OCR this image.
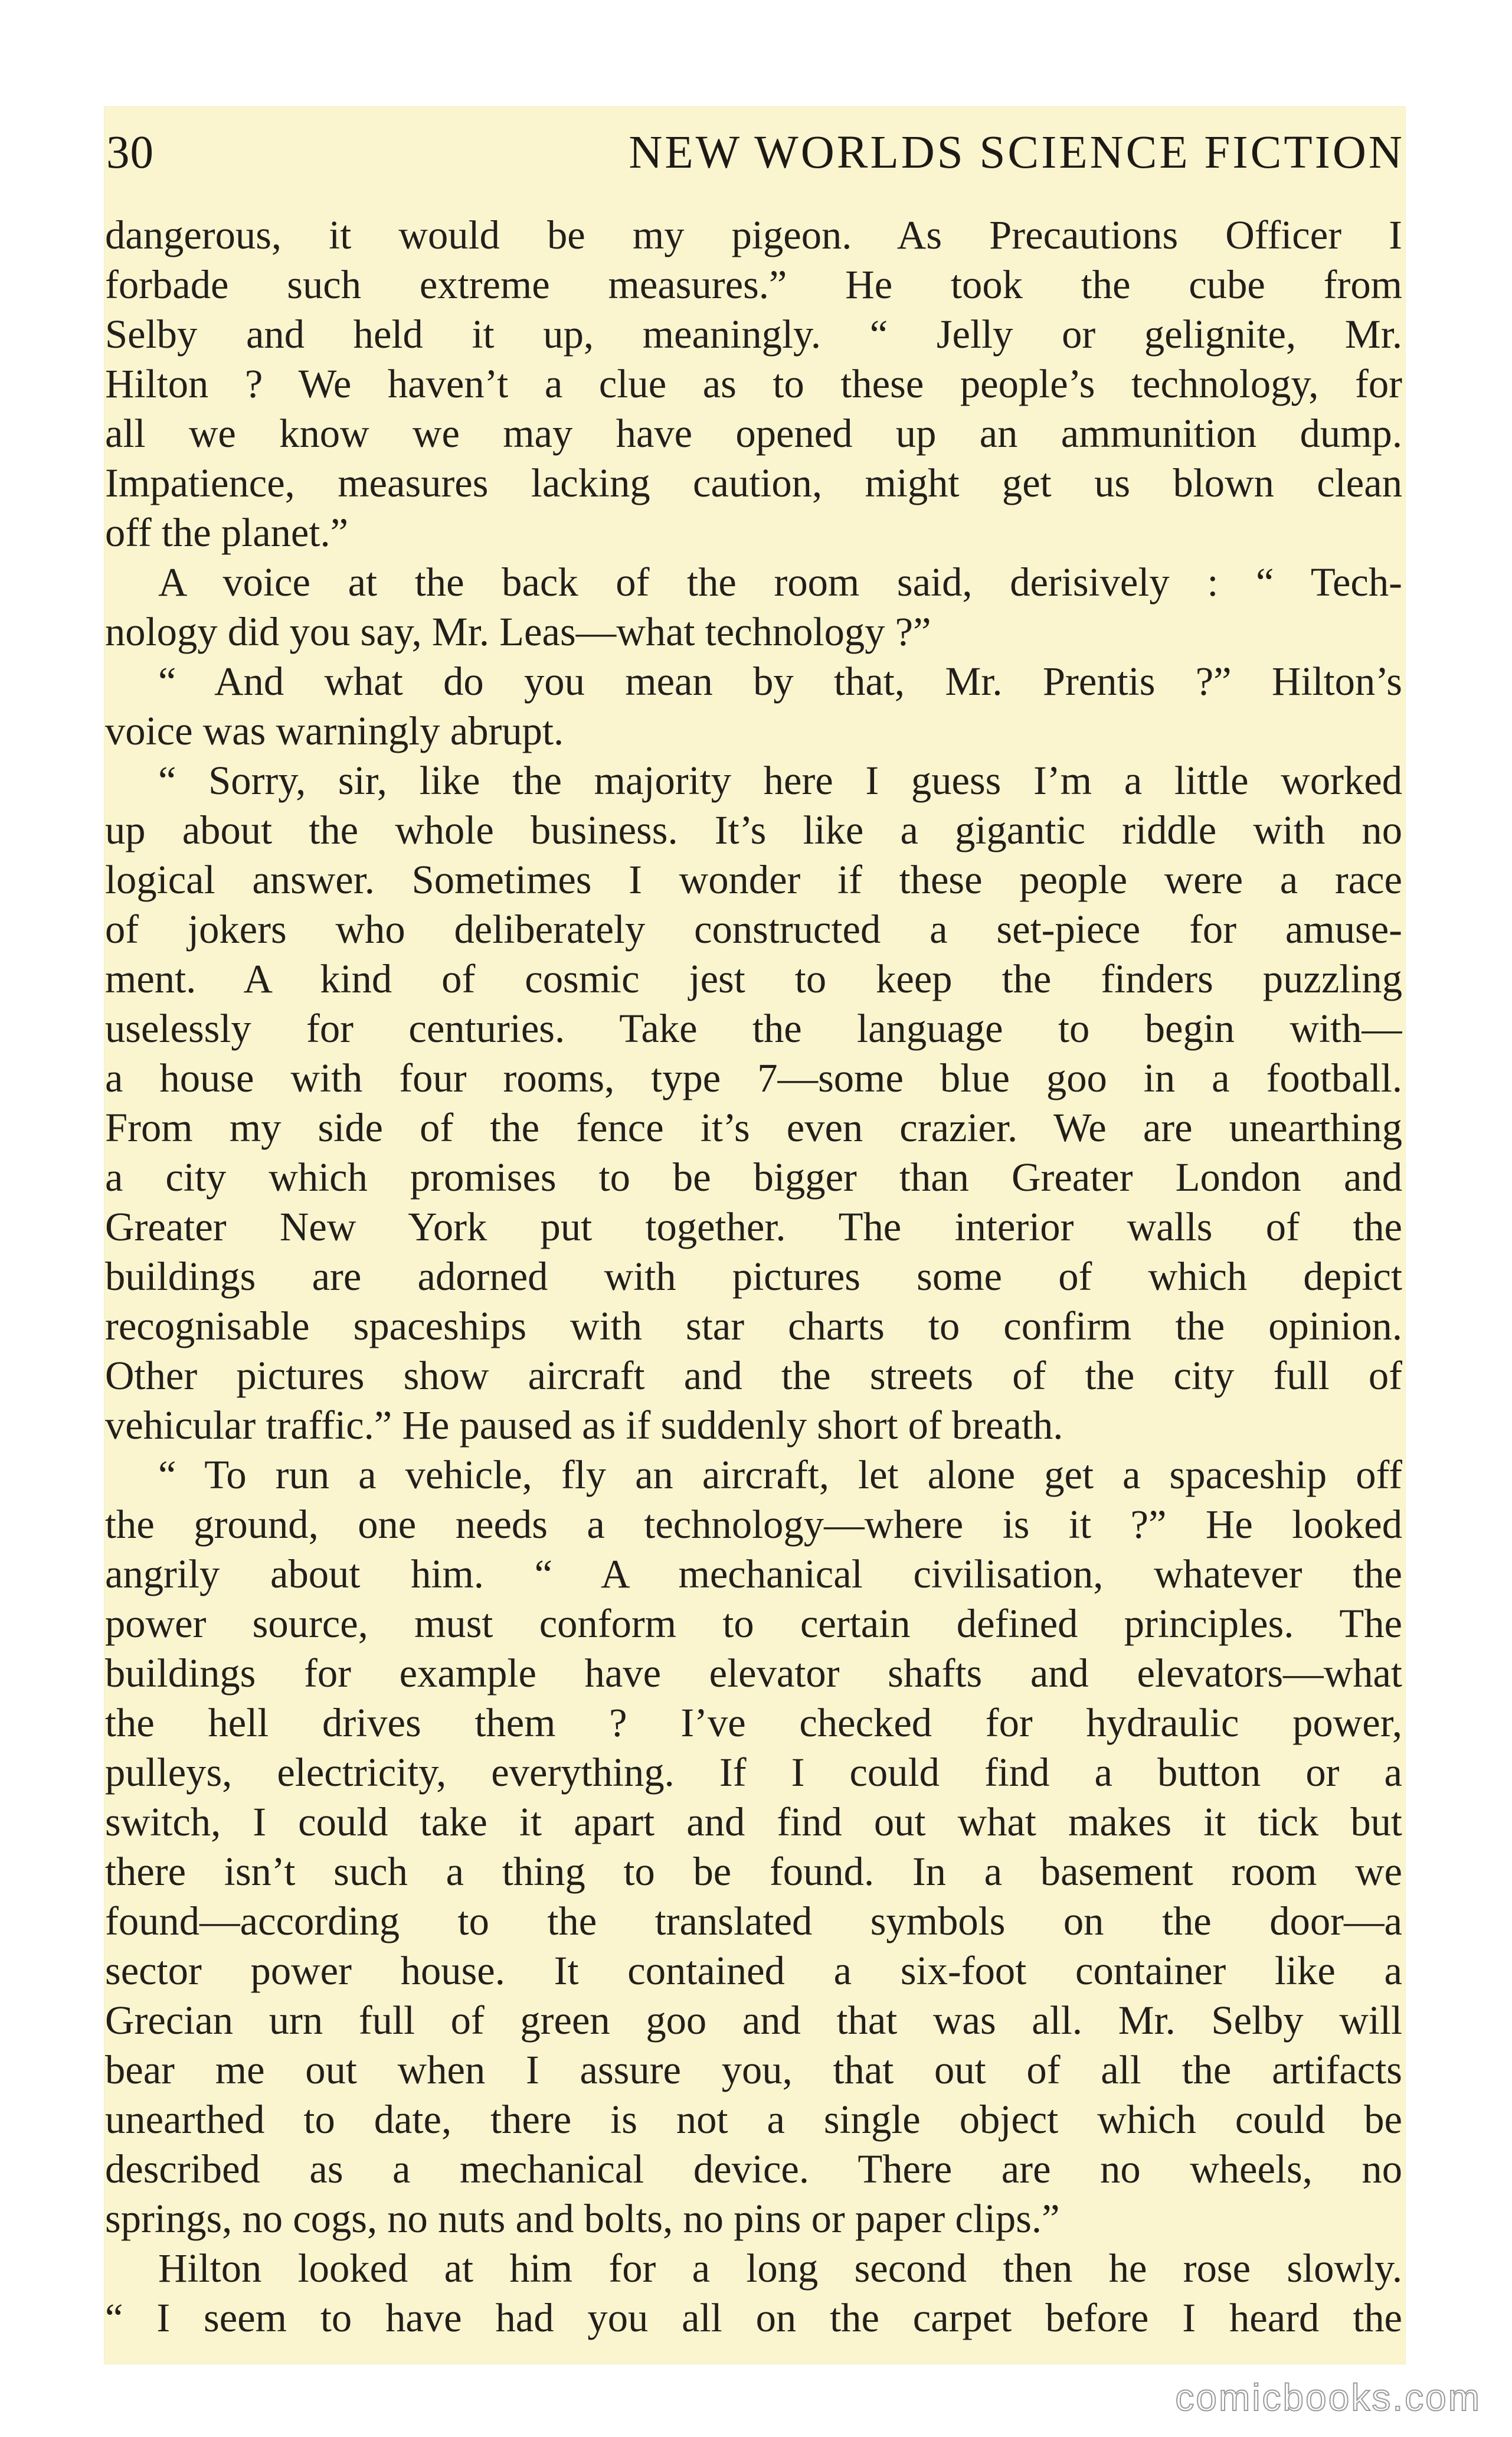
30	NEW WORLDS SCIENCE FICTION
dangerous, it would be my pigeon. As Precautions Officer I
forbade such extreme measures.” He took the cube from
Selby and held it up, meaningly. “ Jelly or gelignite, Mr.
Hilton ? We haven’t a clue as to these people’s technology, for
all we know we may have opened up an ammunition dump.
Impatience, measures lacking caution, might get us blown clean
off the planet.”
A voice at the back of the room said, derisively : “ Tech-
nology did you say, Mr. Leas—what technology ?”
“ And what do you mean by that, Mr. Prentis ?” Hilton’s
voice was warningly abrupt.
“ Sorry, sir, like the majority here I guess I’m a little worked
up about the whole business. It’s like a gigantic riddle with no
logical answer. Sometimes I wonder if these people were a race
of jokers who deliberately constructed a set-piece for amuse-
ment. A kind of cosmic jest to keep the finders puzzling
uselessly for centuries. Take the language to begin with—
a house with four rooms, type 7—some blue goo in a football.
From my side of the fence it’s even crazier. We are unearthing
a city which promises to be bigger than Greater London and
Greater New York put together. The interior walls of the
buildings are adorned with pictures some of which depict
recognisable spaceships with star charts to confirm the opinion.
Other pictures show aircraft and the streets of the city full of
vehicular traffic.” He paused as if suddenly short of breath.
“ To run a vehicle, fly an aircraft, let alone get a spaceship off
the ground, one needs a technology—where is it ?” He looked
angrily about him. “ A mechanical civilisation, whatever the
power source, must conform to certain defined principles. The
buildings for example have elevator shafts and elevators—what
the hell drives them ? I’ve checked for hydraulic power,
pulleys, electricity, everything. If I could find a button or a
switch, I could take it apart and find out what makes it tick but
there isn’t such a thing to be found. In a basement room we
found—according to the translated symbols on the door—a
sector power house. It contained a six-foot container like a
Grecian urn full of green goo and that was all. Mr. Selby will
bear me out when I assure you, that out of all the artifacts
unearthed to date, there is not a single object which could be
described as a mechanical device. There are no wheels, no
springs, no cogs, no nuts and bolts, no pins or paper clips.”
Hilton looked at him for a long second then he rose slowly.
“ I seem to have had you all on the carpet before I heard the
comicbooks.com
